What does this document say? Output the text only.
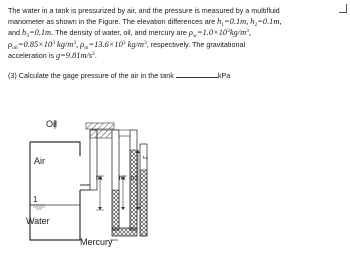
The water in a tank is pressurized by air, and the pressure is measured by a multifluid
manometer as shown in the Figure. The elevation differences are $h_1=0.1m$, $h_2=0.1m$,
and $h_3=0.1m$. The density of water, oil, and mercury are $\rho_w=1.0\times 10^3kg/m^3$,
$\rho_{oil}=0.85\times 10^3$ $kg/m^3$, $\rho_m=13.6\times 10^3$ $kg/m^3$, respectively. The gravitational
acceleration is $g=9.81m/s^2$.
(3) Calculate the gage pressure of the air in the tank	kPa
Oil
Air
1
Water
h1	h2 h3
2
Mercury
